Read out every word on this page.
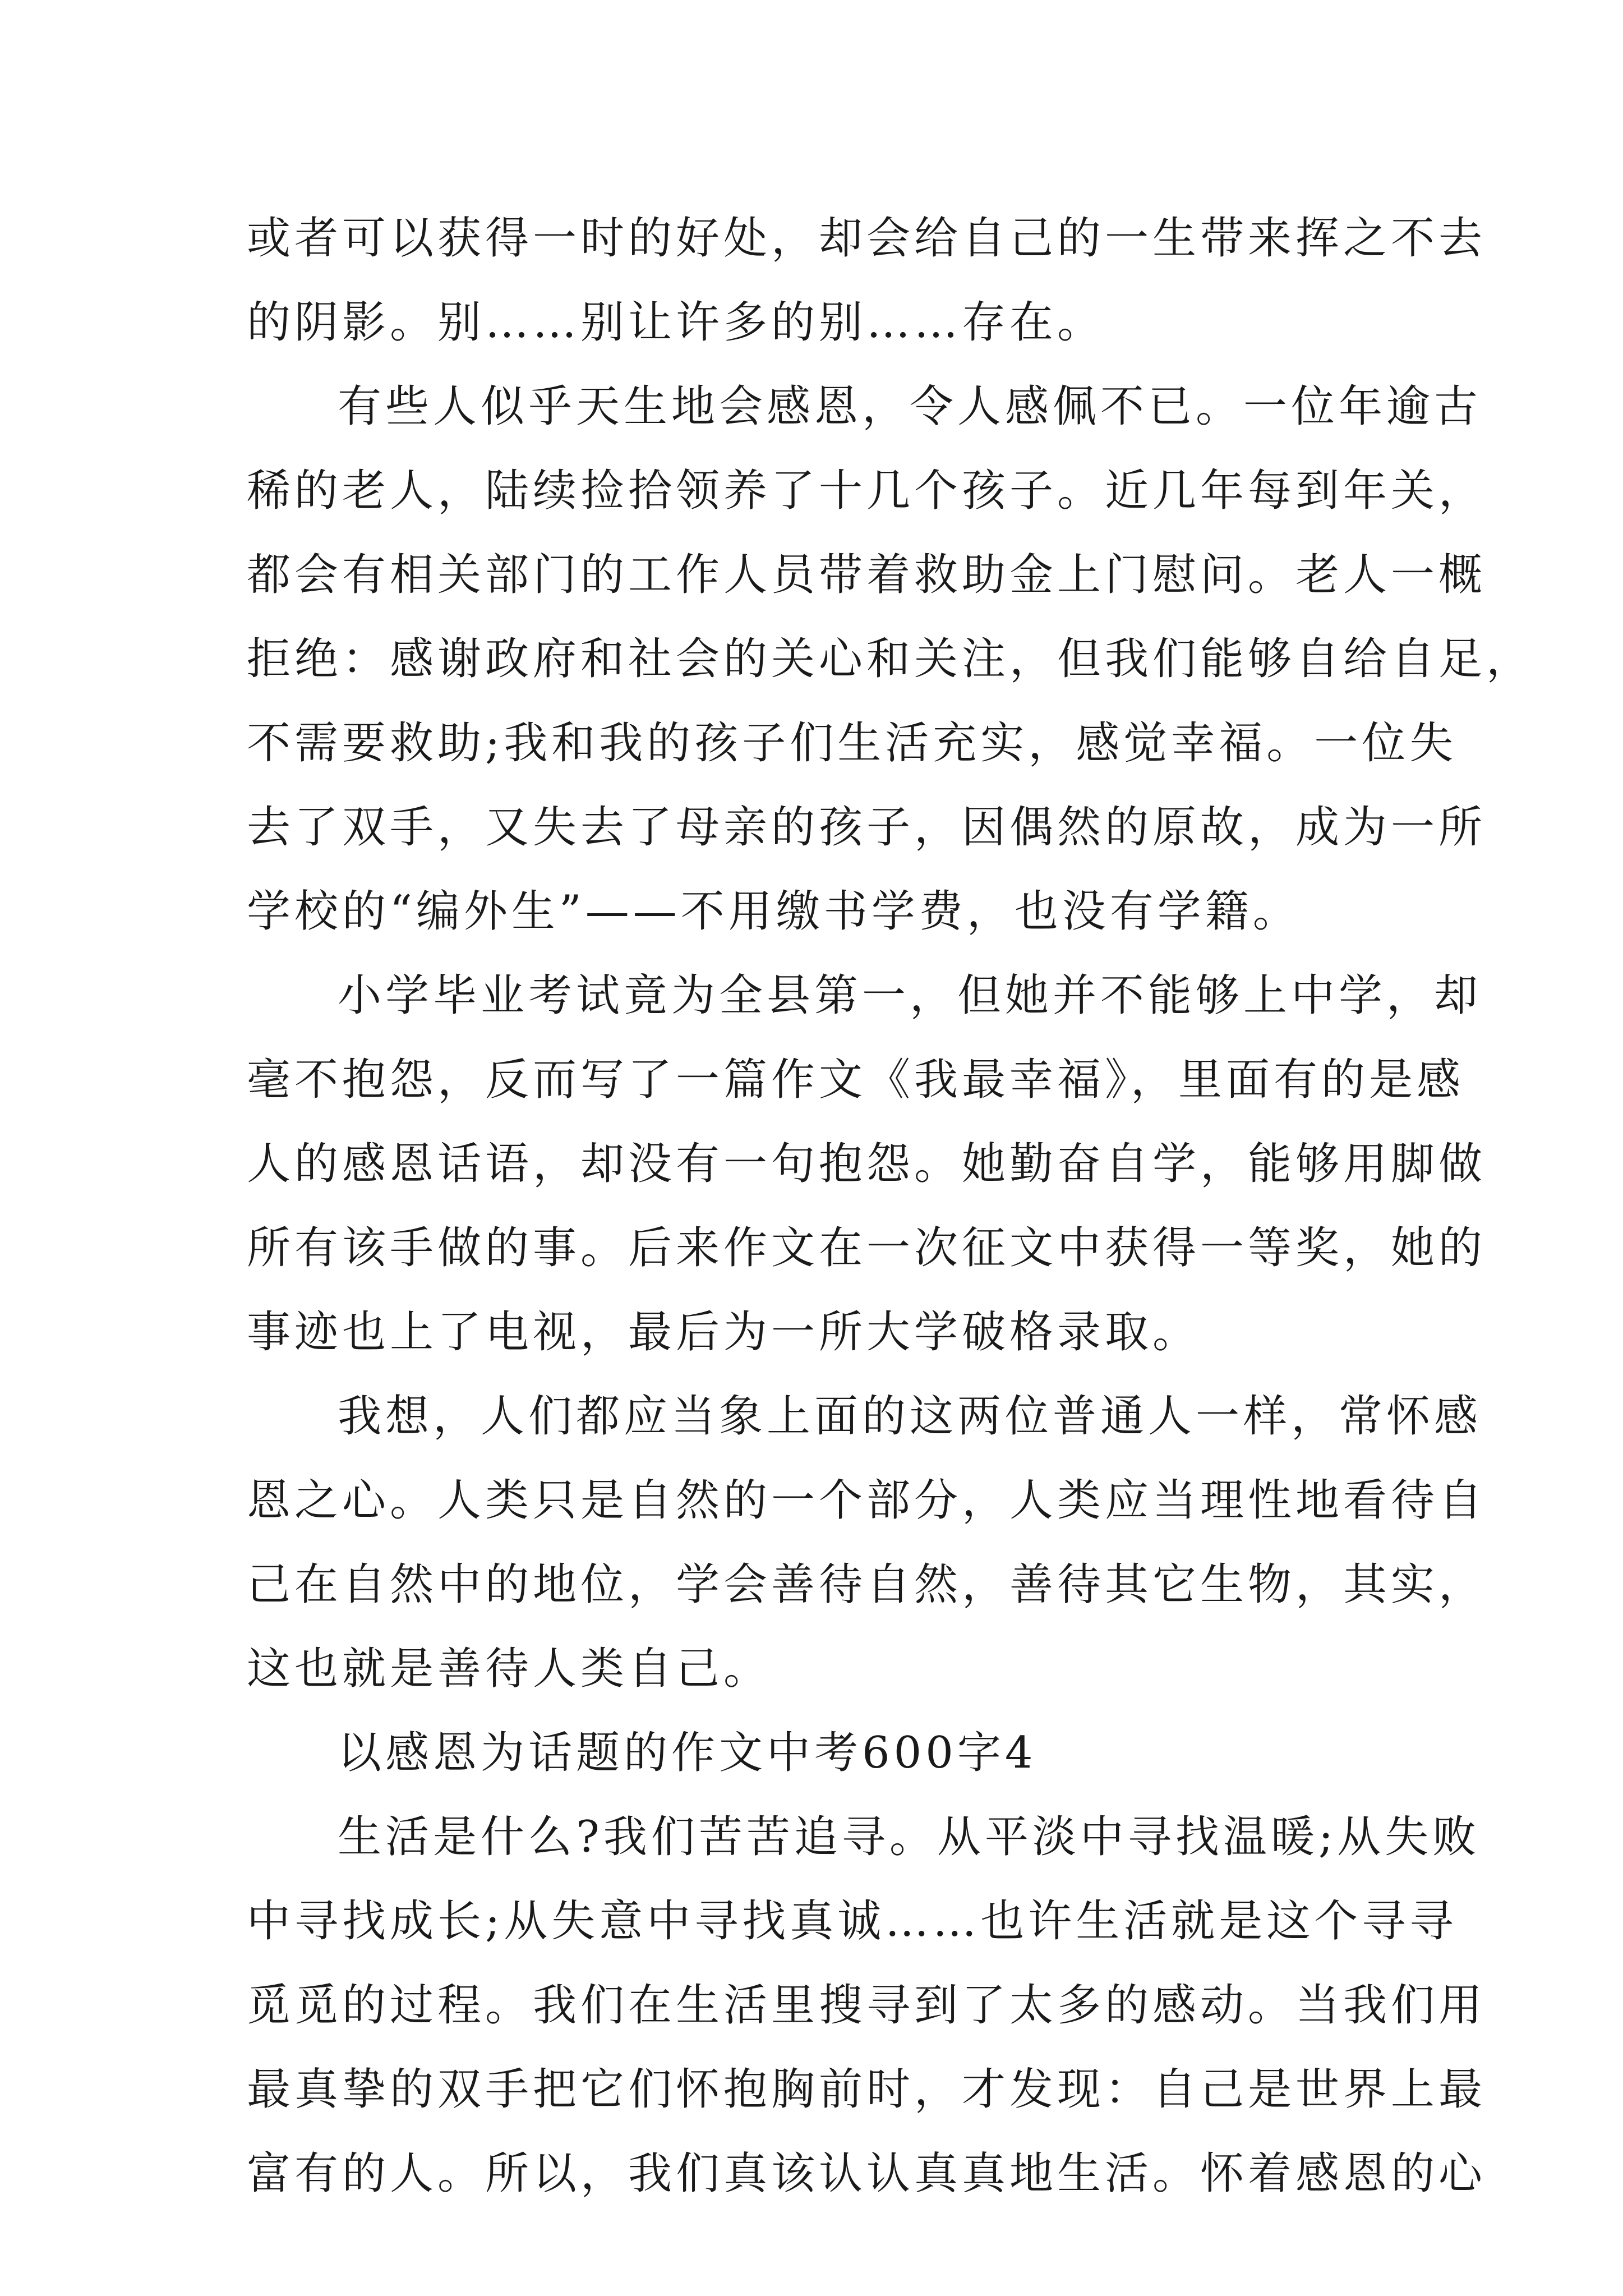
或者可以获得一时的好处，却会给自己的一生带来挥之不去
的阴影。别……别让许多的别……存在。
有些人似乎天生地会感恩，令人感佩不已。一位年逾古
稀的老人，陆续捡拾领养了十几个孩子。近几年每到年关，
都会有相关部门的工作人员带着救助金上门慰问。老人一概
拒绝：感谢政府和社会的关心和关注，但我们能够自给自足，
不需要救助;我和我的孩子们生活充实，感觉幸福。一位失
去了双手，又失去了母亲的孩子，因偶然的原故，成为一所
学校的“编外生”——不用缴书学费，也没有学籍。
小学毕业考试竟为全县第一，但她并不能够上中学，却
毫不抱怨，反而写了一篇作文《我最幸福》，里面有的是感
人的感恩话语，却没有一句抱怨。她勤奋自学，能够用脚做
所有该手做的事。后来作文在一次征文中获得一等奖，她的
事迹也上了电视，最后为一所大学破格录取。
我想，人们都应当象上面的这两位普通人一样，常怀感
恩之心。人类只是自然的一个部分，人类应当理性地看待自
己在自然中的地位，学会善待自然，善待其它生物，其实，
这也就是善待人类自己。
以感恩为话题的作文中考600字4
生活是什么?我们苦苦追寻。从平淡中寻找温暖;从失败
中寻找成长;从失意中寻找真诚……也许生活就是这个寻寻
觅觅的过程。我们在生活里搜寻到了太多的感动。当我们用
最真挚的双手把它们怀抱胸前时，才发现：自己是世界上最
富有的人。所以，我们真该认认真真地生活。怀着感恩的心
